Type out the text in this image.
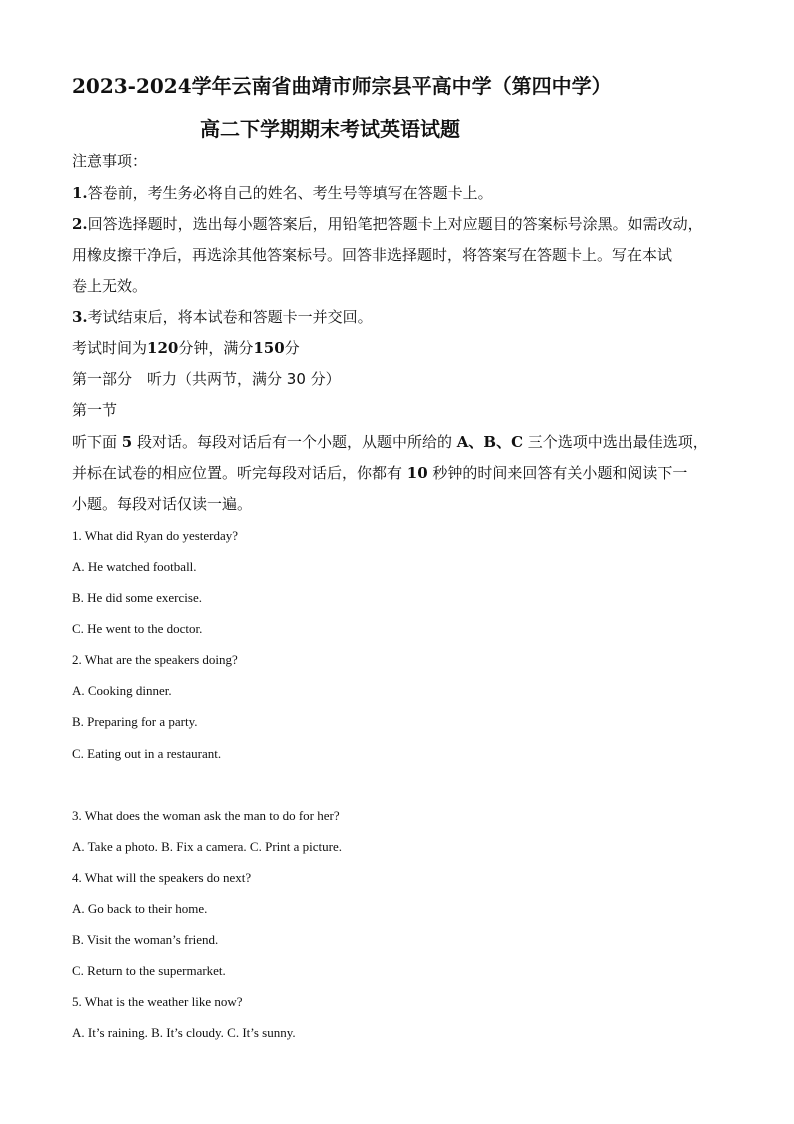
2023-2024学年云南省曲靖市师宗县平高中学（第四中学）
高二下学期期末考试英语试题
注意事项：
1.答卷前，考生务必将自己的姓名、考生号等填写在答题卡上。
2.回答选择题时，选出每小题答案后，用铅笔把答题卡上对应题目的答案标号涂黑。如需改动，
用橡皮擦干净后，再选涂其他答案标号。回答非选择题时，将答案写在答题卡上。写在本试
卷上无效。
3.考试结束后，将本试卷和答题卡一并交回。
考试时间为120分钟，满分150分
第一部分　听力（共两节，满分 30 分）
第一节
听下面 5 段对话。每段对话后有一个小题，从题中所给的 A、B、C 三个选项中选出最佳选项，
并标在试卷的相应位置。听完每段对话后，你都有 10 秒钟的时间来回答有关小题和阅读下一
小题。每段对话仅读一遍。
1. What did Ryan do yesterday?
A. He watched football.
B. He did some exercise.
C. He went to the doctor.
2. What are the speakers doing?
A. Cooking dinner.
B. Preparing for a party.
C. Eating out in a restaurant.
3. What does the woman ask the man to do for her?
A. Take a photo. B. Fix a camera. C. Print a picture.
4. What will the speakers do next?
A. Go back to their home.
B. Visit the woman’s friend.
C. Return to the supermarket.
5. What is the weather like now?
A. It’s raining. B. It’s cloudy. C. It’s sunny.
